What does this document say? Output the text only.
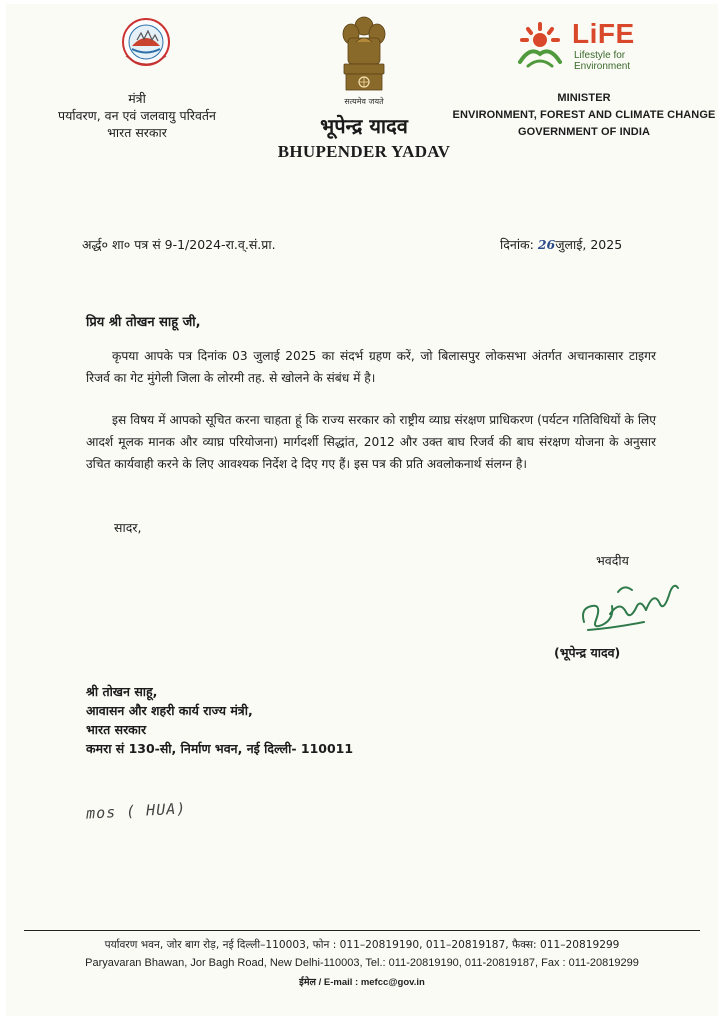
मंत्री
पर्यावरण, वन एवं जलवायु परिवर्तन
भारत सरकार
सत्यमेव जयते
भूपेन्द्र यादव
BHUPENDER YADAV
LiFE
Lifestyle for
Environment
MINISTER
ENVIRONMENT, FOREST AND CLIMATE CHANGE
GOVERNMENT OF INDIA
अर्द्ध० शा० पत्र सं 9-1/2024-रा.व्.सं.प्रा.	दिनांक: 26जुलाई, 2025
प्रिय श्री तोखन साहू जी,
कृपया आपके पत्र दिनांक 03 जुलाई 2025 का संदर्भ ग्रहण करें, जो बिलासपुर लोकसभा अंतर्गत अचानकासार टाइगर रिजर्व का गेट मुंगेली जिला के लोरमी तह. से खोलने के संबंध में है।
इस विषय में आपको सूचित करना चाहता हूं कि राज्य सरकार को राष्ट्रीय व्याघ्र संरक्षण प्राधिकरण (पर्यटन गतिविधियों के लिए आदर्श मूलक मानक और व्याघ्र परियोजना) मार्गदर्शी सिद्धांत, 2012 और उक्त बाघ रिजर्व की बाघ संरक्षण योजना के अनुसार उचित कार्यवाही करने के लिए आवश्यक निर्देश दे दिए गए हैं। इस पत्र की प्रति अवलोकनार्थ संलग्न है।
सादर,
भवदीय
(भूपेन्द्र यादव)
श्री तोखन साहू,
आवासन और शहरी कार्य राज्य मंत्री,
भारत सरकार
कमरा सं 130-सी, निर्माण भवन, नई दिल्ली- 110011
mos ( HUA)
पर्यावरण भवन, जोर बाग रोड़, नई दिल्ली–110003, फोन : 011–20819190, 011–20819187, फैक्स: 011–20819299
Paryavaran Bhawan, Jor Bagh Road, New Delhi-110003, Tel.: 011-20819190, 011-20819187, Fax : 011-20819299
ईमेल / E-mail : mefcc@gov.in
